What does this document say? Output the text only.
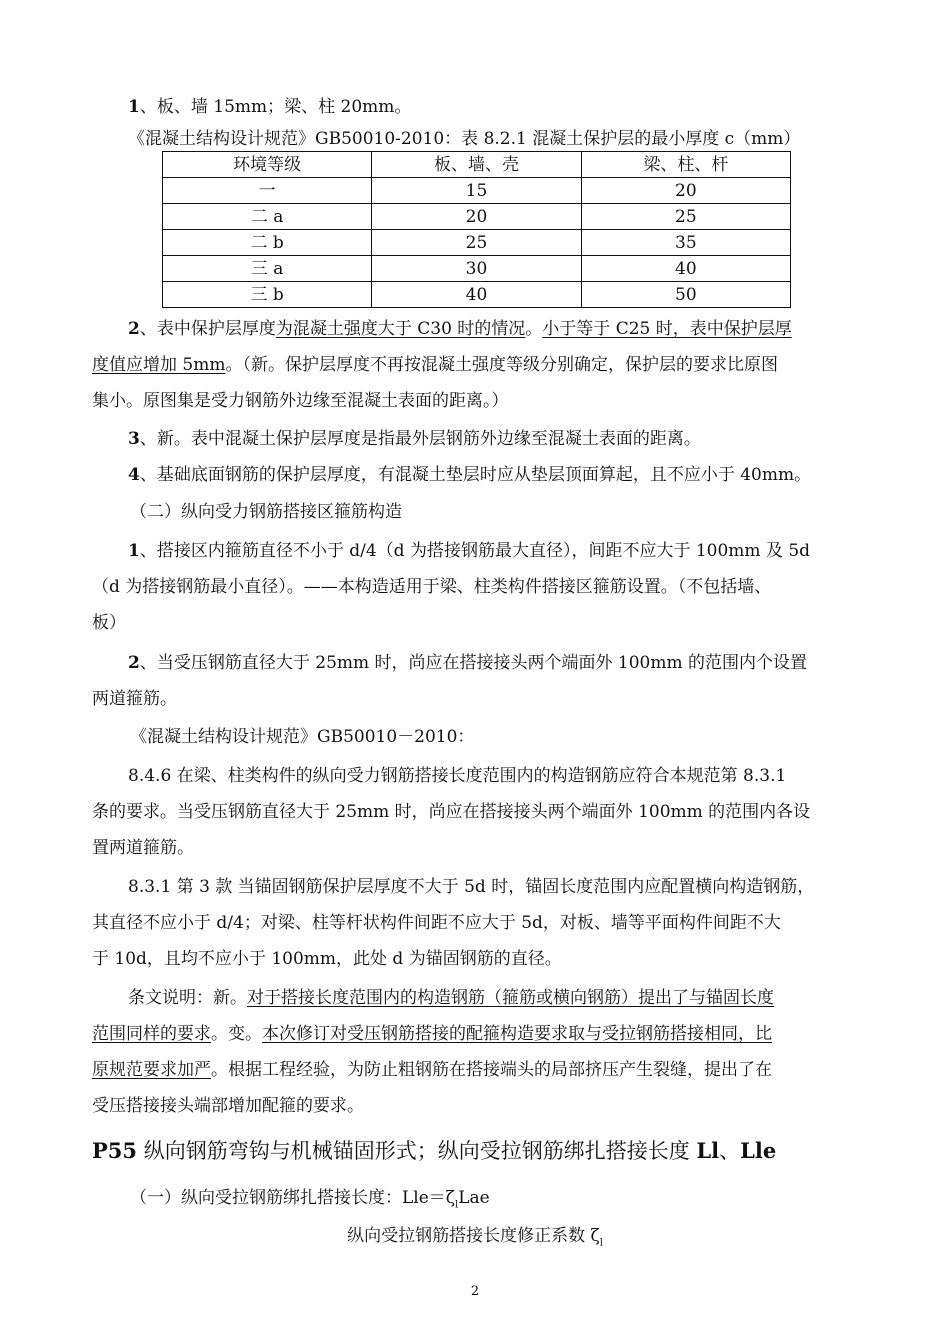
1、板、墙 15mm；梁、柱 20mm。
《混凝土结构设计规范》GB50010-2010：表 8.2.1 混凝土保护层的最小厚度 c（mm）
环境等级	板、墙、壳	梁、柱、杆
一	15	20
二 a	20	25
二 b	25	35
三 a	30	40
三 b	40	50
2、表中保护层厚度为混凝土强度大于 C30 时的情况。小于等于 C25 时，表中保护层厚
度值应增加 5mm。（新。保护层厚度不再按混凝土强度等级分别确定，保护层的要求比原图
集小。原图集是受力钢筋外边缘至混凝土表面的距离。）
3、新。表中混凝土保护层厚度是指最外层钢筋外边缘至混凝土表面的距离。
4、基础底面钢筋的保护层厚度，有混凝土垫层时应从垫层顶面算起，且不应小于 40mm。
（二）纵向受力钢筋搭接区箍筋构造
1、搭接区内箍筋直径不小于 d/4（d 为搭接钢筋最大直径），间距不应大于 100mm 及 5d
（d 为搭接钢筋最小直径）。——本构造适用于梁、柱类构件搭接区箍筋设置。（不包括墙、
板）
2、当受压钢筋直径大于 25mm 时，尚应在搭接接头两个端面外 100mm 的范围内个设置
两道箍筋。
《混凝土结构设计规范》GB50010－2010：
8.4.6 在梁、柱类构件的纵向受力钢筋搭接长度范围内的构造钢筋应符合本规范第 8.3.1
条的要求。当受压钢筋直径大于 25mm 时，尚应在搭接接头两个端面外 100mm 的范围内各设
置两道箍筋。
8.3.1 第 3 款 当锚固钢筋保护层厚度不大于 5d 时，锚固长度范围内应配置横向构造钢筋，
其直径不应小于 d/4；对梁、柱等杆状构件间距不应大于 5d，对板、墙等平面构件间距不大
于 10d，且均不应小于 100mm，此处 d 为锚固钢筋的直径。
条文说明：新。对于搭接长度范围内的构造钢筋（箍筋或横向钢筋）提出了与锚固长度
范围同样的要求。变。本次修订对受压钢筋搭接的配箍构造要求取与受拉钢筋搭接相同，比
原规范要求加严。根据工程经验，为防止粗钢筋在搭接端头的局部挤压产生裂缝，提出了在
受压搭接接头端部增加配箍的要求。
P55 纵向钢筋弯钩与机械锚固形式；纵向受拉钢筋绑扎搭接长度 Ll、Lle
（一）纵向受拉钢筋绑扎搭接长度：$Lle=\zeta_lLae$
纵向受拉钢筋搭接长度修正系数 $\zeta_l$
2
